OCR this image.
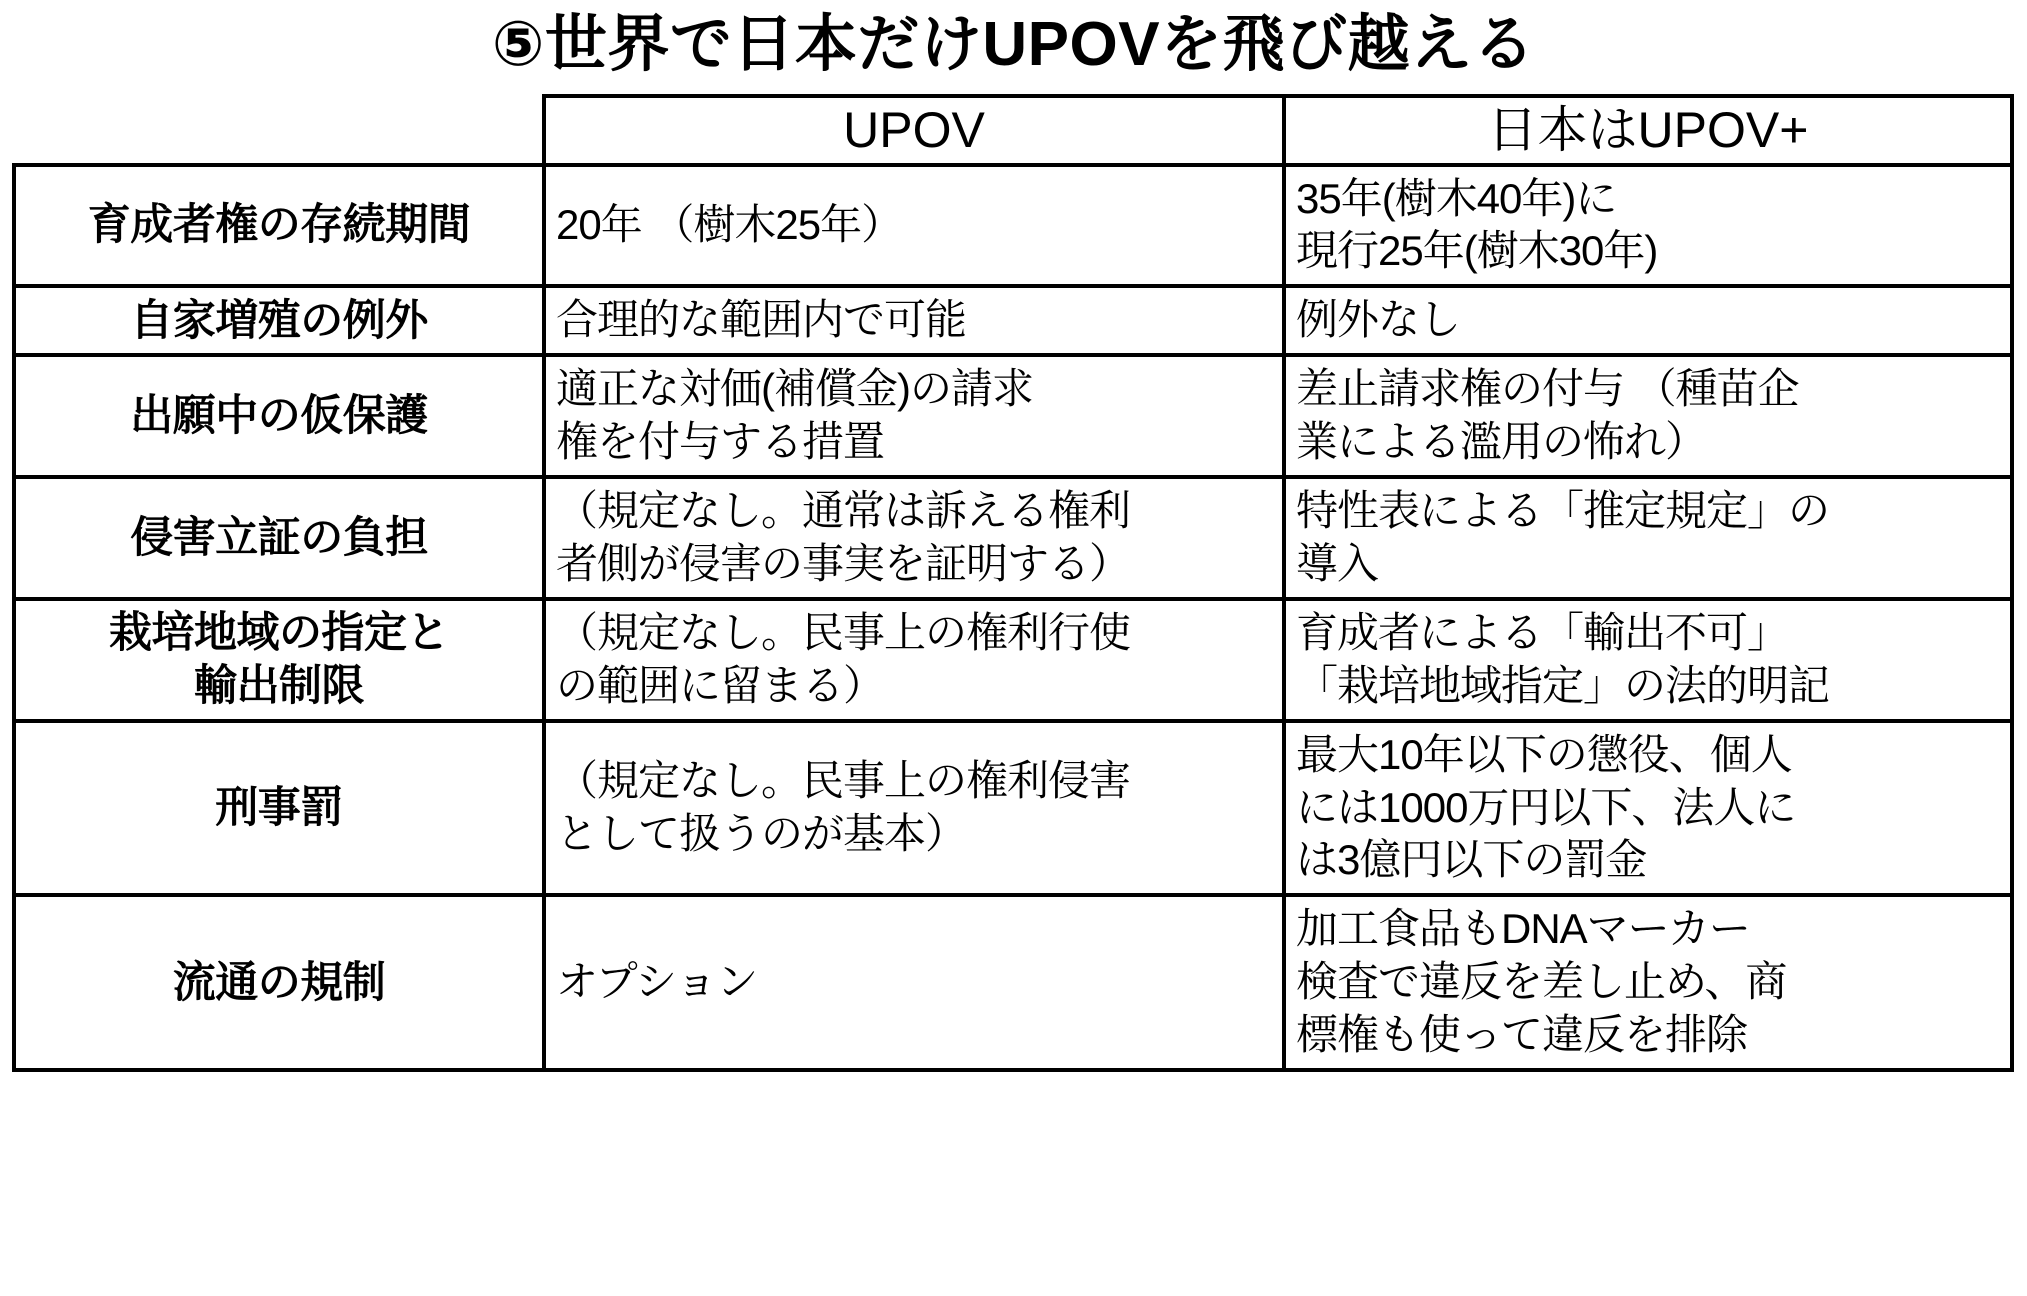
⑤世界で日本だけUPOVを飛び越える
	UPOV	日本はUPOV+

育成者権の存続期間	20年 （樹木25年）	35年(樹木40年)に
現行25年(樹木30年)

自家増殖の例外	合理的な範囲内で可能	例外なし

出願中の仮保護	適正な対価(補償金)の請求
権を付与する措置	差止請求権の付与 （種苗企
業による濫用の怖れ）

侵害立証の負担	（規定なし。通常は訴える権利
者側が侵害の事実を証明する）	特性表による「推定規定」の
導入

栽培地域の指定と
輸出制限	（規定なし。民事上の権利行使
の範囲に留まる）	育成者による「輸出不可」
「栽培地域指定」の法的明記

刑事罰	（規定なし。民事上の権利侵害
として扱うのが基本）	最大10年以下の懲役、個人
には1000万円以下、法人に
は3億円以下の罰金

流通の規制	オプション	加工食品もDNAマーカー
検査で違反を差し止め、商
標権も使って違反を排除
